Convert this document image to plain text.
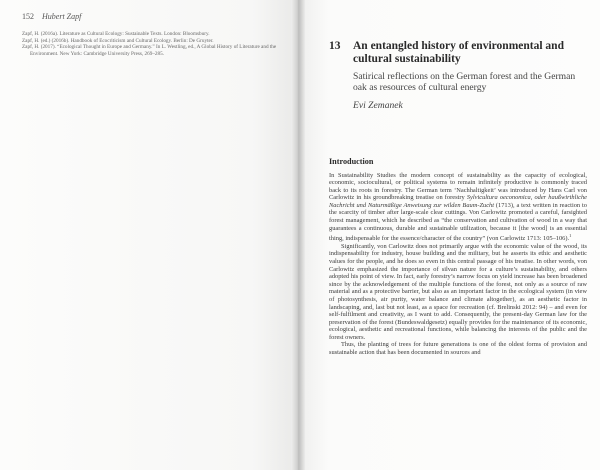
152 Hubert Zapf
Zapf, H. (2016a). Literature as Cultural Ecology: Sustainable Texts. London: Bloomsbury.
Zapf, H. (ed.) (2016b). Handbook of Ecocriticism and Cultural Ecology. Berlin: De Gruyter.
Zapf, H. (2017). “Ecological Thought in Europe and Germany.” In L. Westling, ed., A Global History of Literature and the Environment. New York: Cambridge University Press, 269–285.
13 An entangled history of environmental and cultural sustainability
Satirical reflections on the German forest and the German oak as resources of cultural energy
Evi Zemanek
Introduction

In Sustainability Studies the modern concept of sustainability as the capacity of ecological, economic, sociocultural, or political systems to remain infinitely productive is commonly traced back to its roots in forestry. The German term ‘Nachhaltigkeit’ was introduced by Hans Carl von Carlowitz in his groundbreaking treatise on forestry Sylvicultura oeconomica, oder haußwirthliche Nachricht und Naturmäßige Anweisung zur wilden Baum-Zucht (1713), a text written in reaction to the scarcity of timber after large-scale clear cuttings. Von Carlowitz promoted a careful, farsighted forest management, which he described as “the conservation and cultivation of wood in a way that guarantees a continuous, durable and sustainable utilization, because it [the wood] is an essential thing, indispensable for the essence/character of the country” (von Carlowitz 1713: 105–106).$^1$

Significantly, von Carlowitz does not primarily argue with the economic value of the wood, its indispensability for industry, house building and the military, but he asserts its ethic and aesthetic values for the people, and he does so even in this central passage of his treatise. In other words, von Carlowitz emphasized the importance of silvan nature for a culture’s sustainability, and others adopted his point of view. In fact, early forestry’s narrow focus on yield increase has been broadened since by the acknowledgement of the multiple functions of the forest, not only as a source of raw material and as a protective barrier, but also as an important factor in the ecological system (in view of photosynthesis, air purity, water balance and climate altogether), as an aesthetic factor in landscaping, and, last but not least, as a space for recreation (cf. Brelinski 2012: 94) – and even for self-fulfilment and creativity, as I want to add. Consequently, the present-day German law for the preservation of the forest (Bundeswaldgesetz) equally provides for the maintenance of its economic, ecological, aesthetic and recreational functions, while balancing the interests of the public and the forest owners.

Thus, the planting of trees for future generations is one of the oldest forms of provision and sustainable action that has been documented in sources and
